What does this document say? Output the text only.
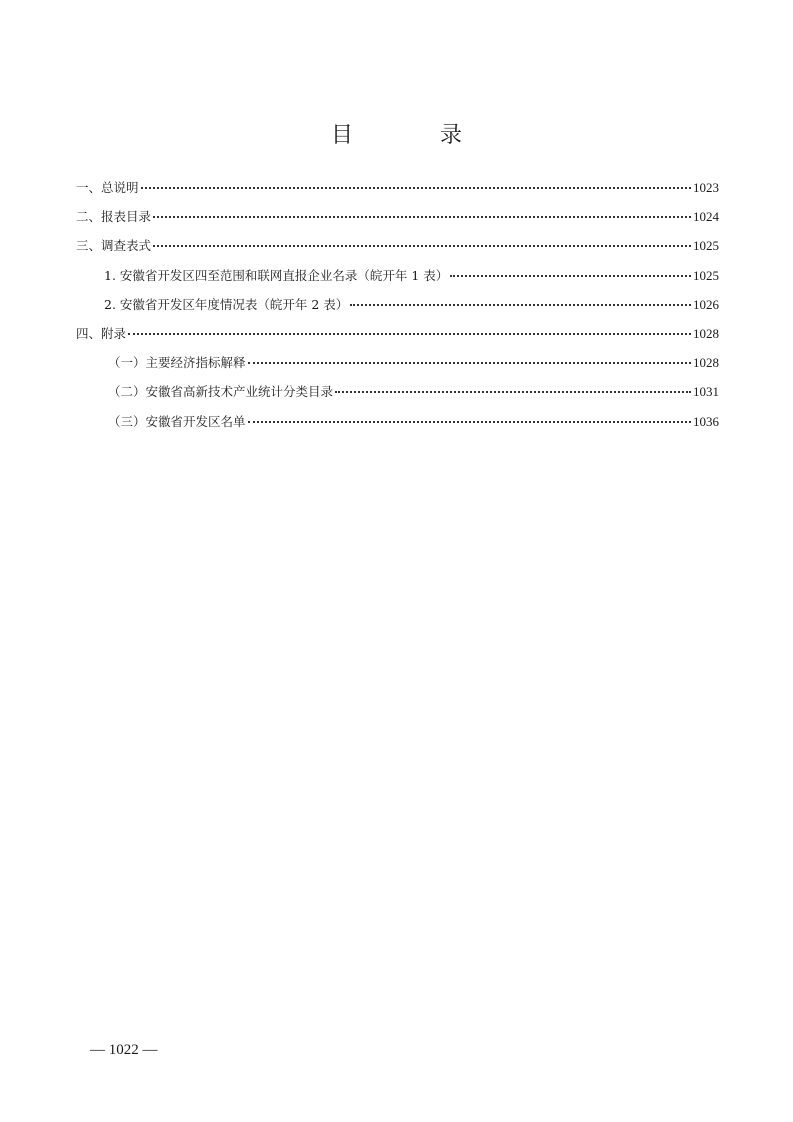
目 录
一、总说明	1023
二、报表目录	1024
三、调查表式	1025
1. 安徽省开发区四至范围和联网直报企业名录（皖开年 1 表）	1025
2. 安徽省开发区年度情况表（皖开年 2 表）	1026
四、附录	1028
（一）主要经济指标解释	1028
（二）安徽省高新技术产业统计分类目录	1031
（三）安徽省开发区名单	1036
— 1022 —
